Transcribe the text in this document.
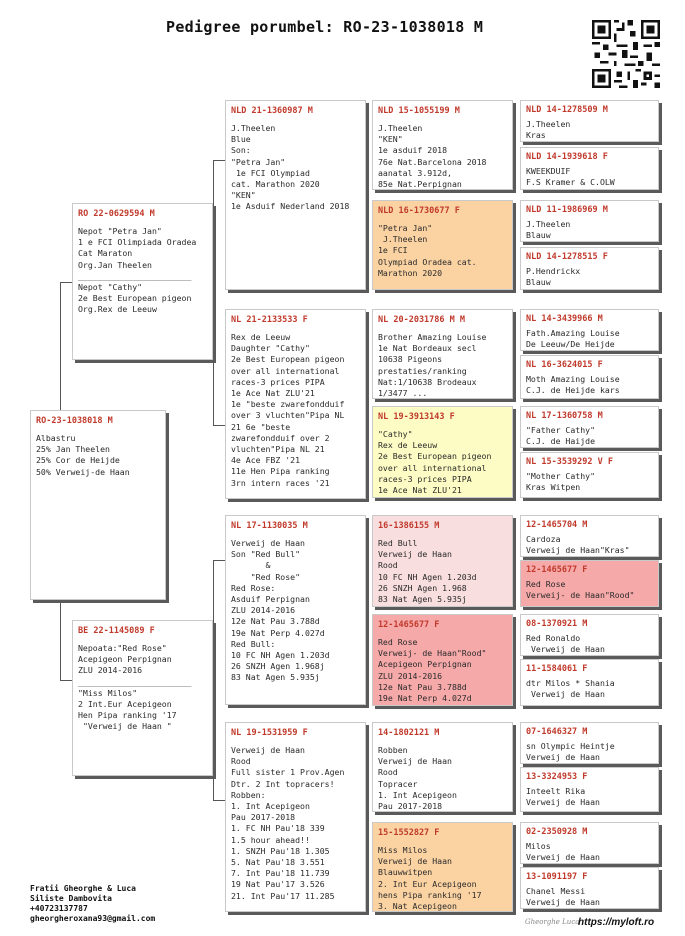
Pedigree porumbel: RO-23-1038018 M
RO-23-1038018 M
Albastru
25% Jan Theelen
25% Cor de Heijde
50% Verweij-de Haan
RO 22-0629594 M
Nepot "Petra Jan"
1 e FCI Olimpiada Oradea
Cat Maraton
Org.Jan Theelen
_______________________
Nepot "Cathy"
2e Best European pigeon
Org.Rex de Leeuw
BE 22-1145089 F
Nepoata:"Red Rose"
Acepigeon Perpignan
ZLU 2014-2016
_______________________
"Miss Milos"
2 Int.Eur Acepigeon
Hen Pipa ranking '17
"Verweij de Haan "
NLD 21-1360987 M
J.Theelen
Blue
Son:
"Petra Jan"
1e FCI Olympiad
cat. Marathon 2020
"KEN"
1e Asduif Nederland 2018
NL 21-2133533 F
Rex de Leeuw
Daughter "Cathy"
2e Best European pigeon
over all international
races-3 prices PIPA
1e Ace Nat ZLU'21
1e "beste zwarefondduif
over 3 vluchten"Pipa NL
21 6e "beste
zwarefondduif over 2
vluchten"Pipa NL 21
4e Ace FBZ '21
11e Hen Pipa ranking
3rn intern races '21
NL 17-1130035 M
Verweij de Haan
Son "Red Bull"
&
"Red Rose"
Red Rose:
Asduif Perpignan
ZLU 2014-2016
12e Nat Pau 3.788d
19e Nat Perp 4.027d
Red Bull:
10 FC NH Agen 1.203d
26 SNZH Agen 1.968j
83 Nat Agen 5.935j
NL 19-1531959 F
Verweij de Haan
Rood
Full sister 1 Prov.Agen
Dtr. 2 Int topracers!
Robben:
1. Int Acepigeon
Pau 2017-2018
1. FC NH Pau'18 339
1.5 hour ahead!!
1. SNZH Pau'18 1.305
5. Nat Pau'18 3.551
7. Int Pau'18 11.739
19 Nat Pau'17 3.526
21. Int Pau'17 11.285
NLD 15-1055199 M
J.Theelen
"KEN"
1e asduif 2018
76e Nat.Barcelona 2018
aanatal 3.912d,
85e Nat.Perpignan
NLD 16-1730677 F
"Petra Jan"
J.Theelen
1e FCI
Olympiad Oradea cat.
Marathon 2020
NL 20-2031786 M M
Brother Amazing Louise
1e Nat Bordeaux secl
10638 Pigeons
prestaties/ranking
Nat:1/10638 Brodeaux
1/3477 ...
NL 19-3913143 F
"Cathy"
Rex de Leeuw
2e Best European pigeon
over all international
races-3 prices PIPA
1e Ace Nat ZLU'21
16-1386155 M
Red Bull
Verweij de Haan
Rood
10 FC NH Agen 1.203d
26 SNZH Agen 1.968
83 Nat Agen 5.935j
12-1465677 F
Red Rose
Verweij- de Haan"Rood"
Acepigeon Perpignan
ZLU 2014-2016
12e Nat Pau 3.788d
19e Nat Perp 4.027d
14-1802121 M
Robben
Verweij de Haan
Rood
Topracer
1. Int Acepigeon
Pau 2017-2018
15-1552827 F
Miss Milos
Verweij de Haan
Blauwwitpen
2. Int Eur Acepigeon
hens Pipa ranking '17
3. Nat Acepigeon
NLD 14-1278509 M
J.Theelen
Kras
NLD 14-1939618 F
KWEEKDUIF
F.S Kramer & C.OLW
NLD 11-1986969 M
J.Theelen
Blauw
NLD 14-1278515 F
P.Hendrickx
Blauw
NL 14-3439966 M
Fath.Amazing Louise
De Leeuw/De Heijde
NL 16-3624015 F
Moth Amazing Louise
C.J. de Heijde kars
NL 17-1360758 M
"Father Cathy"
C.J. de Haijde
NL 15-3539292 V F
"Mother Cathy"
Kras Witpen
12-1465704 M
Cardoza
Verweij de Haan"Kras"
12-1465677 F
Red Rose
Verweij- de Haan"Rood"
08-1370921 M
Red Ronaldo
Verweij de Haan
11-1584061 F
dtr Milos * Shania
Verweij de Haan
07-1646327 M
sn Olympic Heintje
Verweij de Haan
13-3324953 F
Inteelt Rika
Verweij de Haan
02-2350928 M
Milos
Verweij de Haan
13-1091197 F
Chanel Messi
Verweij de Haan
Fratii Gheorghe & Luca
Siliste Dambovita
+40723137787
gheorgheroxana93@gmail.com	Gheorghe Luca
https://myloft.ro
